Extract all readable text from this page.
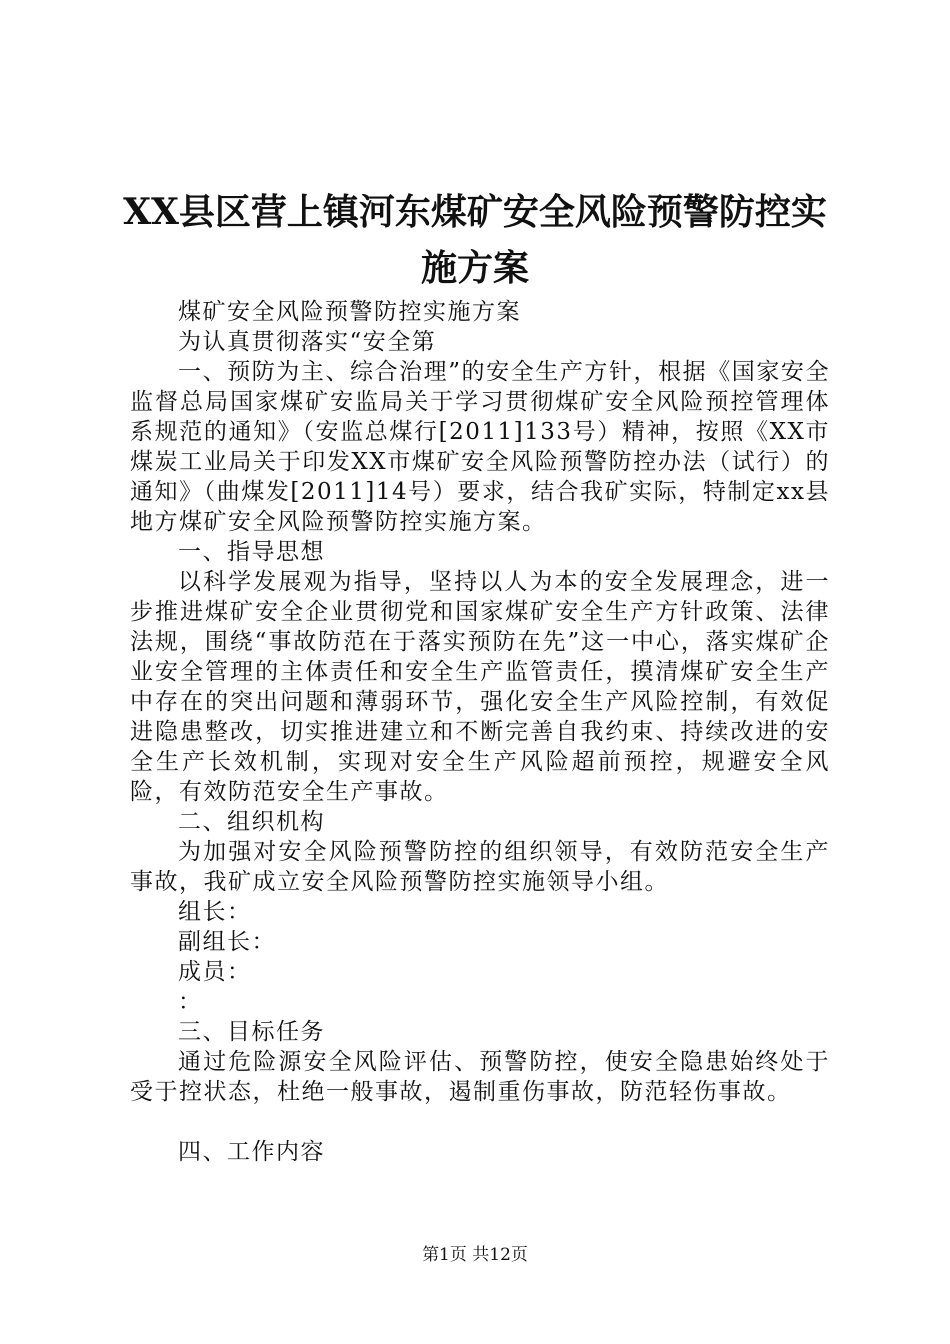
XX县区营上镇河东煤矿安全风险预警防控实
施方案

煤矿安全风险预警防控实施方案

为认真贯彻落实“安全第

一、预防为主、综合治理”的安全生产方针，根据《国家安全监督总局国家煤矿安监局关于学习贯彻煤矿安全风险预控管理体系规范的通知》（安监总煤行[2011]133号）精神，按照《XX市煤炭工业局关于印发XX市煤矿安全风险预警防控办法（试行）的通知》（曲煤发[2011]14号）要求，结合我矿实际，特制定xx县地方煤矿安全风险预警防控实施方案。

一、指导思想

以科学发展观为指导，坚持以人为本的安全发展理念，进一步推进煤矿安全企业贯彻党和国家煤矿安全生产方针政策、法律法规，围绕“事故防范在于落实预防在先”这一中心，落实煤矿企业安全管理的主体责任和安全生产监管责任，摸清煤矿安全生产中存在的突出问题和薄弱环节，强化安全生产风险控制，有效促进隐患整改，切实推进建立和不断完善自我约束、持续改进的安全生产长效机制，实现对安全生产风险超前预控，规避安全风险，有效防范安全生产事故。

二、组织机构

为加强对安全风险预警防控的组织领导，有效防范安全生产事故，我矿成立安全风险预警防控实施领导小组。

组长：

副组长：

成员：

：

三、目标任务

通过危险源安全风险评估、预警防控，使安全隐患始终处于受于控状态，杜绝一般事故，遏制重伤事故，防范轻伤事故。

四、工作内容

第1页 共12页
